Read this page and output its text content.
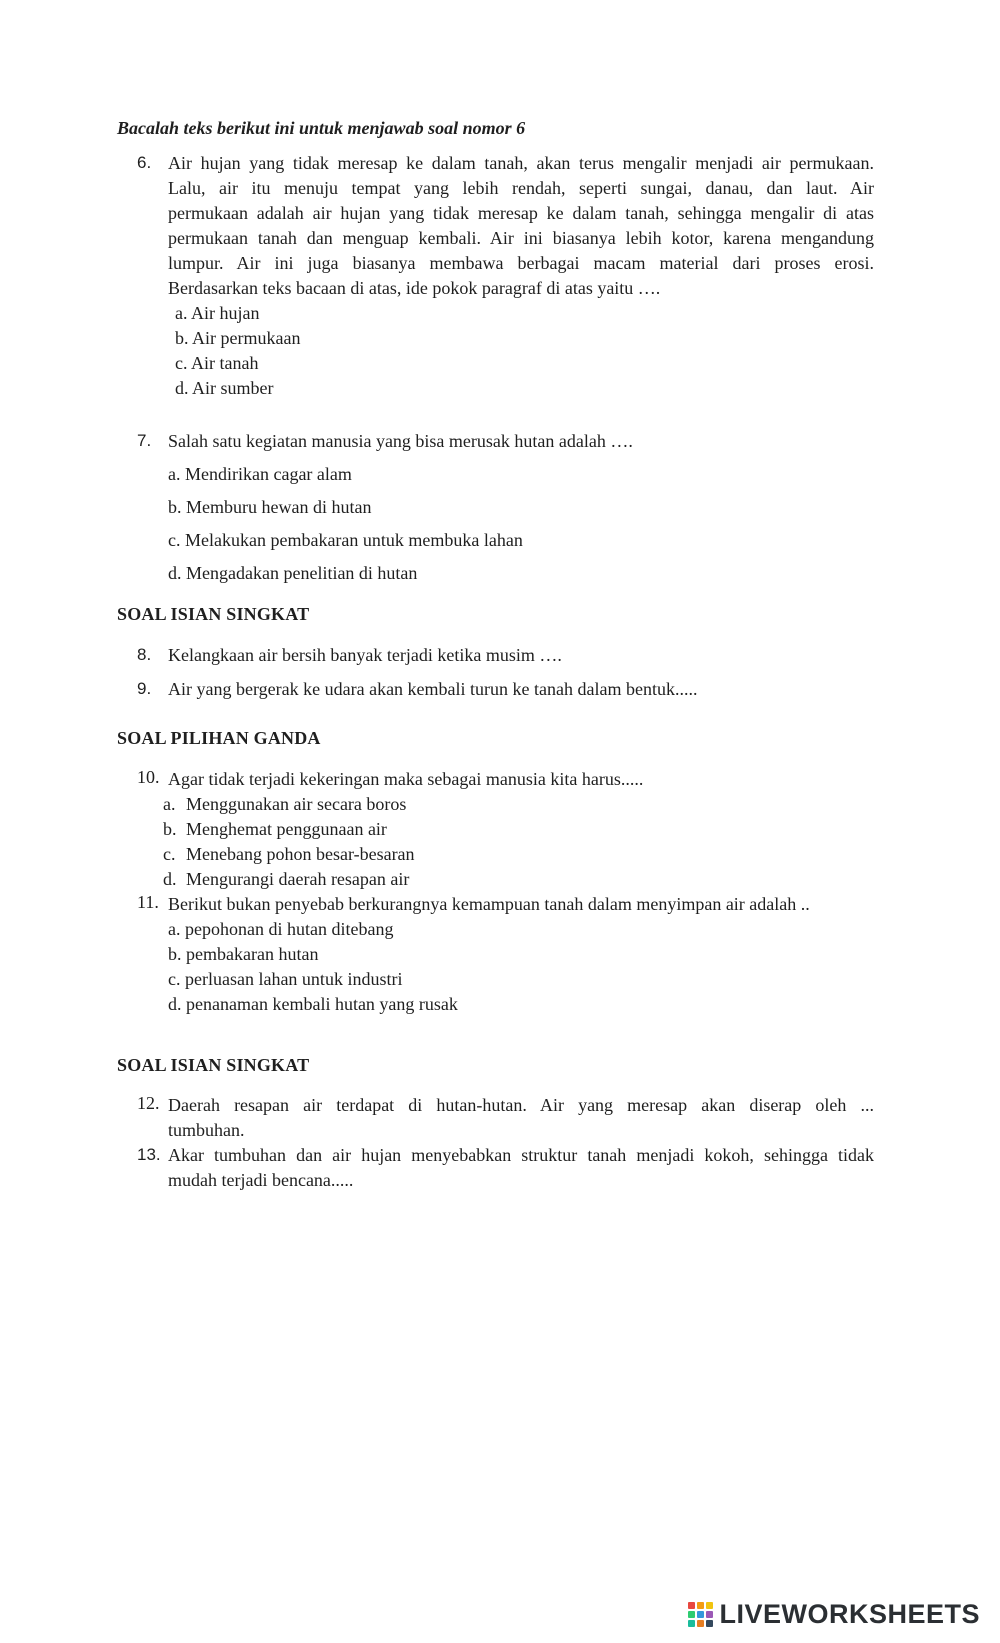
Bacalah teks berikut ini untuk menjawab soal nomor 6
6. Air hujan yang tidak meresap ke dalam tanah, akan terus mengalir menjadi air permukaan.
Lalu, air itu menuju tempat yang lebih rendah, seperti sungai, danau, dan laut. Air
permukaan adalah air hujan yang tidak meresap ke dalam tanah, sehingga mengalir di atas
permukaan tanah dan menguap kembali. Air ini biasanya lebih kotor, karena mengandung
lumpur. Air ini juga biasanya membawa berbagai macam material dari proses erosi.
Berdasarkan teks bacaan di atas, ide pokok paragraf di atas yaitu ….
a. Air hujan
b. Air permukaan
c. Air tanah
d. Air sumber
7. Salah satu kegiatan manusia yang bisa merusak hutan adalah ….
a. Mendirikan cagar alam
b. Memburu hewan di hutan
c. Melakukan pembakaran untuk membuka lahan
d. Mengadakan penelitian di hutan
SOAL ISIAN SINGKAT
8. Kelangkaan air bersih banyak terjadi ketika musim ….
9. Air yang bergerak ke udara akan kembali turun ke tanah dalam bentuk.....
SOAL PILIHAN GANDA
10. Agar tidak terjadi kekeringan maka sebagai manusia kita harus.....
a. Menggunakan air secara boros
b. Menghemat penggunaan air
c. Menebang pohon besar-besaran
d. Mengurangi daerah resapan air
11. Berikut bukan penyebab berkurangnya kemampuan tanah dalam menyimpan air adalah ..
a. pepohonan di hutan ditebang
b. pembakaran hutan
c. perluasan lahan untuk industri
d. penanaman kembali hutan yang rusak
SOAL ISIAN SINGKAT
12. Daerah resapan air terdapat di hutan-hutan. Air yang meresap akan diserap oleh ...
tumbuhan.
13. Akar tumbuhan dan air hujan menyebabkan struktur tanah menjadi kokoh, sehingga tidak
mudah terjadi bencana.....
LIVEWORKSHEETS
